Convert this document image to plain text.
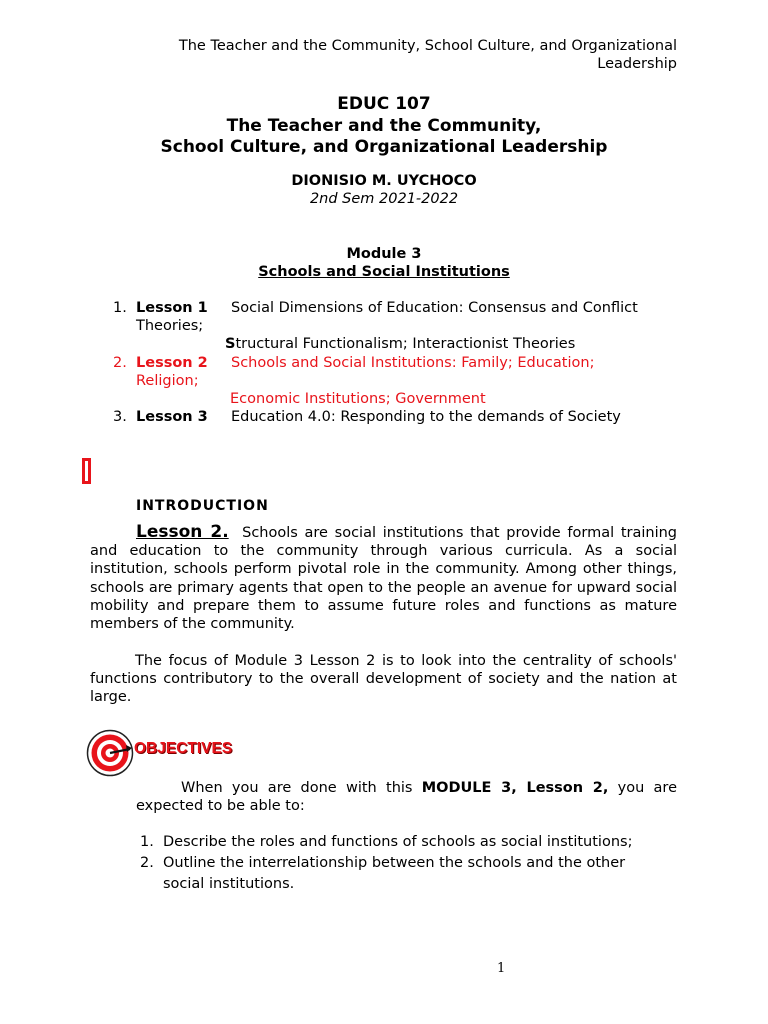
The Teacher and the Community, School Culture, and Organizational Leadership
EDUC 107
The Teacher and the Community,
School Culture, and Organizational Leadership
DIONISIO M. UYCHOCO
2nd Sem 2021-2022
Module 3
Schools and Social Institutions
1. Lesson 1 Social Dimensions of Education: Consensus and Conflict
Theories;
Structural Functionalism; Interactionist Theories
2. Lesson 2 Schools and Social Institutions: Family; Education;
Religion;
Economic Institutions; Government
3. Lesson 3 Education 4.0: Responding to the demands of Society
INTRODUCTION
Lesson 2. Schools are social institutions that provide formal training and education to the community through various curricula. As a social institution, schools perform pivotal role in the community. Among other things, schools are primary agents that open to the people an avenue for upward social mobility and prepare them to assume future roles and functions as mature members of the community.
The focus of Module 3 Lesson 2 is to look into the centrality of schools' functions contributory to the overall development of society and the nation at large.
OBJECTIVES
When you are done with this MODULE 3, Lesson 2, you are expected to be able to:
1. Describe the roles and functions of schools as social institutions;
2. Outline the interrelationship between the schools and the other
social institutions.
1
